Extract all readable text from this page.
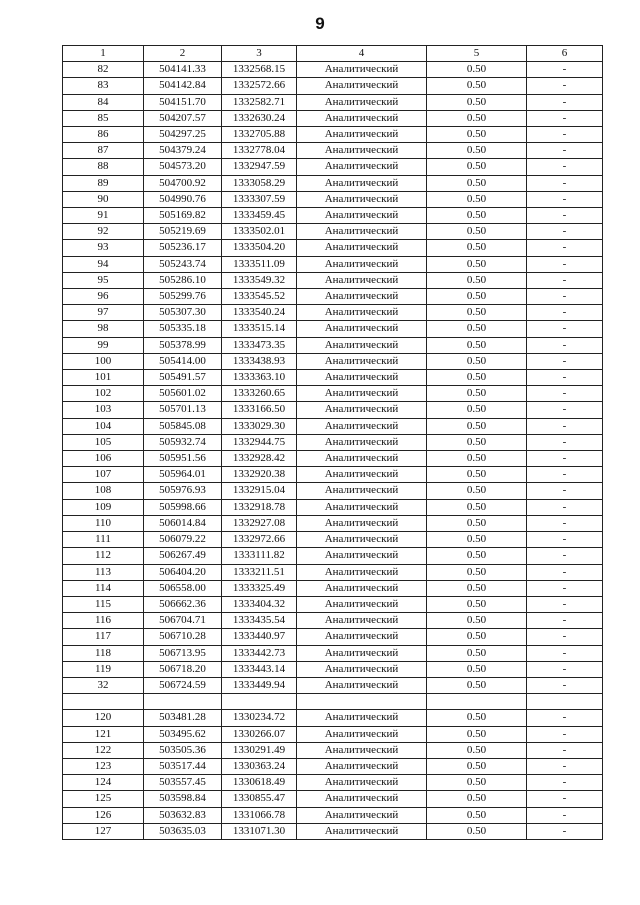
9
1	2	3	4	5	6
82	504141.33	1332568.15	Аналитический	0.50	-
83	504142.84	1332572.66	Аналитический	0.50	-
84	504151.70	1332582.71	Аналитический	0.50	-
85	504207.57	1332630.24	Аналитический	0.50	-
86	504297.25	1332705.88	Аналитический	0.50	-
87	504379.24	1332778.04	Аналитический	0.50	-
88	504573.20	1332947.59	Аналитический	0.50	-
89	504700.92	1333058.29	Аналитический	0.50	-
90	504990.76	1333307.59	Аналитический	0.50	-
91	505169.82	1333459.45	Аналитический	0.50	-
92	505219.69	1333502.01	Аналитический	0.50	-
93	505236.17	1333504.20	Аналитический	0.50	-
94	505243.74	1333511.09	Аналитический	0.50	-
95	505286.10	1333549.32	Аналитический	0.50	-
96	505299.76	1333545.52	Аналитический	0.50	-
97	505307.30	1333540.24	Аналитический	0.50	-
98	505335.18	1333515.14	Аналитический	0.50	-
99	505378.99	1333473.35	Аналитический	0.50	-
100	505414.00	1333438.93	Аналитический	0.50	-
101	505491.57	1333363.10	Аналитический	0.50	-
102	505601.02	1333260.65	Аналитический	0.50	-
103	505701.13	1333166.50	Аналитический	0.50	-
104	505845.08	1333029.30	Аналитический	0.50	-
105	505932.74	1332944.75	Аналитический	0.50	-
106	505951.56	1332928.42	Аналитический	0.50	-
107	505964.01	1332920.38	Аналитический	0.50	-
108	505976.93	1332915.04	Аналитический	0.50	-
109	505998.66	1332918.78	Аналитический	0.50	-
110	506014.84	1332927.08	Аналитический	0.50	-
111	506079.22	1332972.66	Аналитический	0.50	-
112	506267.49	1333111.82	Аналитический	0.50	-
113	506404.20	1333211.51	Аналитический	0.50	-
114	506558.00	1333325.49	Аналитический	0.50	-
115	506662.36	1333404.32	Аналитический	0.50	-
116	506704.71	1333435.54	Аналитический	0.50	-
117	506710.28	1333440.97	Аналитический	0.50	-
118	506713.95	1333442.73	Аналитический	0.50	-
119	506718.20	1333443.14	Аналитический	0.50	-
32	506724.59	1333449.94	Аналитический	0.50	-

120	503481.28	1330234.72	Аналитический	0.50	-
121	503495.62	1330266.07	Аналитический	0.50	-
122	503505.36	1330291.49	Аналитический	0.50	-
123	503517.44	1330363.24	Аналитический	0.50	-
124	503557.45	1330618.49	Аналитический	0.50	-
125	503598.84	1330855.47	Аналитический	0.50	-
126	503632.83	1331066.78	Аналитический	0.50	-
127	503635.03	1331071.30	Аналитический	0.50	-
